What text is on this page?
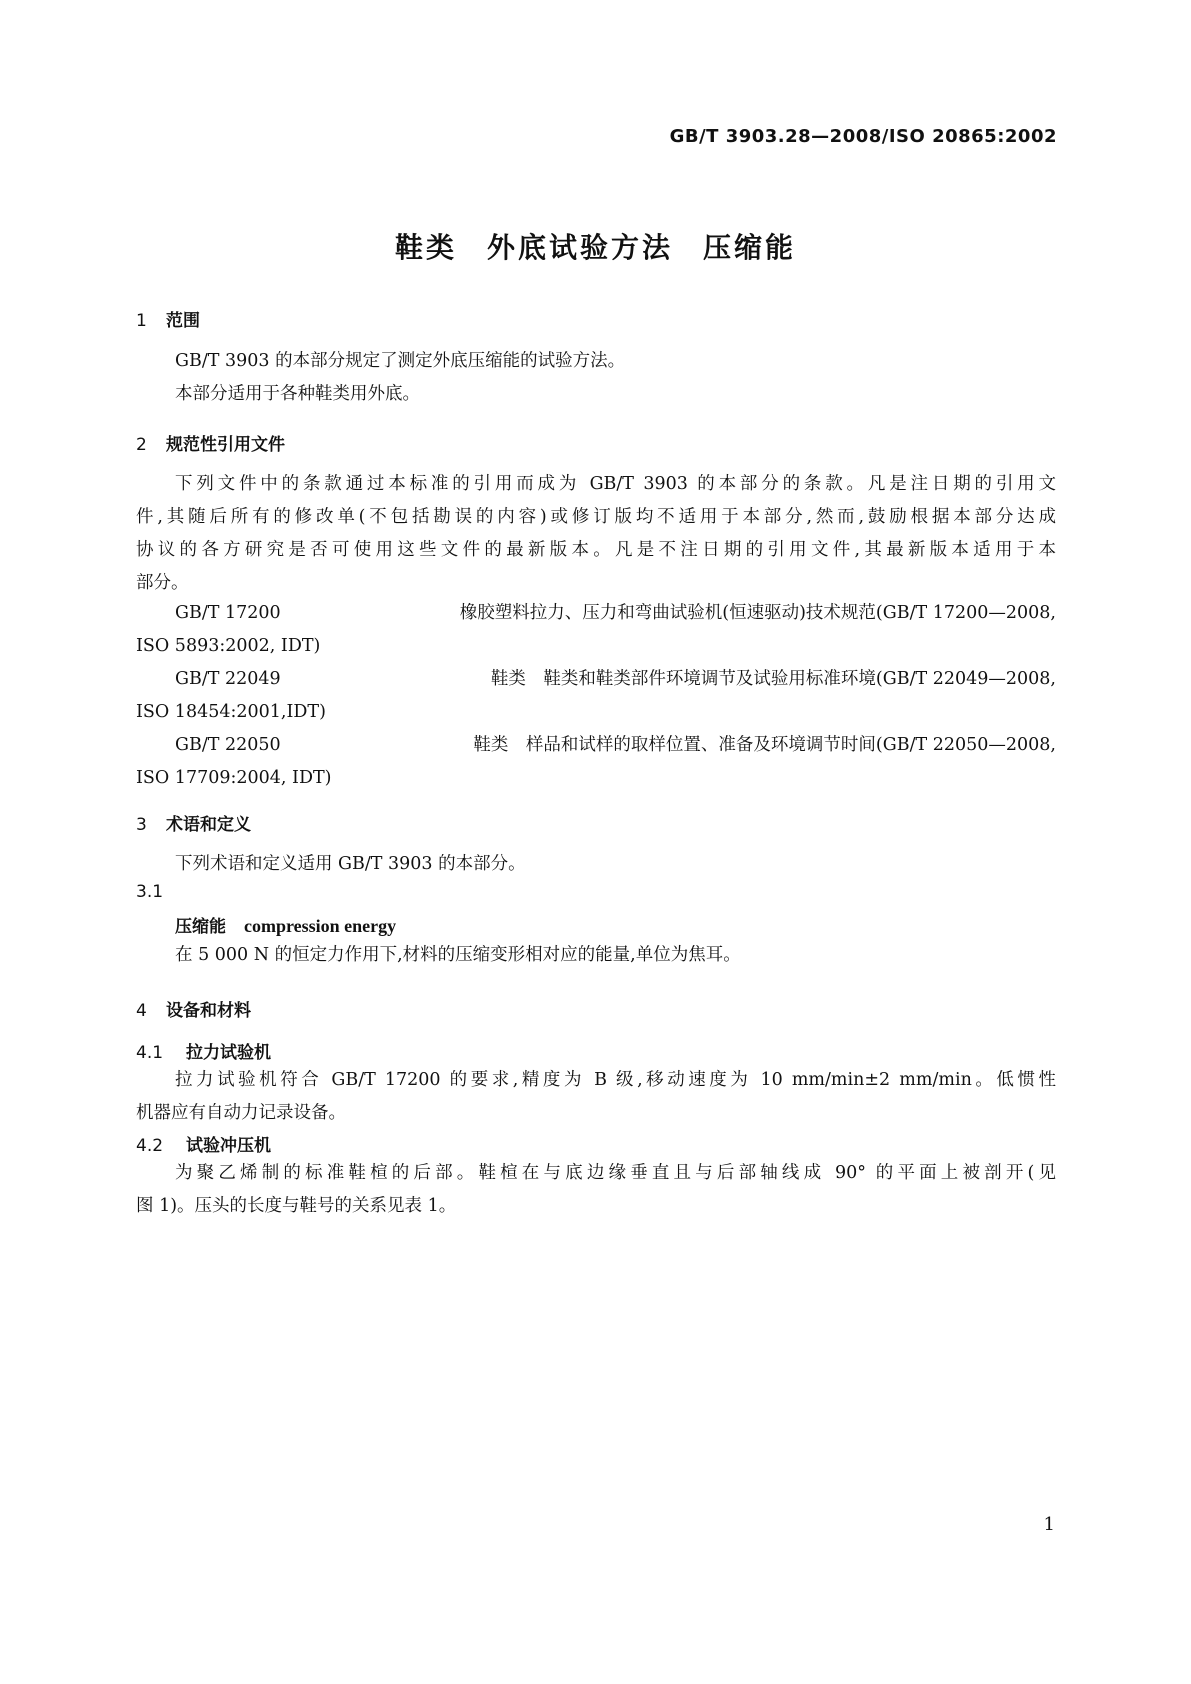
GB/T 3903.28—2008/ISO 20865:2002
鞋类 外底试验方法 压缩能
1 范围
GB/T 3903 的本部分规定了测定外底压缩能的试验方法。
本部分适用于各种鞋类用外底。
2 规范性引用文件
下列文件中的条款通过本标准的引用而成为 GB/T 3903 的本部分的条款。凡是注日期的引用文
件,其随后所有的修改单(不包括勘误的内容)或修订版均不适用于本部分,然而,鼓励根据本部分达成
协议的各方研究是否可使用这些文件的最新版本。凡是不注日期的引用文件,其最新版本适用于本
部分。
GB/T 17200	橡胶塑料拉力、压力和弯曲试验机(恒速驱动)技术规范(GB/T 17200—2008,
ISO 5893:2002, IDT)
GB/T 22049	鞋类　鞋类和鞋类部件环境调节及试验用标准环境(GB/T 22049—2008,
ISO 18454:2001,IDT)
GB/T 22050	鞋类　样品和试样的取样位置、准备及环境调节时间(GB/T 22050—2008,
ISO 17709:2004, IDT)
3 术语和定义
下列术语和定义适用 GB/T 3903 的本部分。
3.1
压缩能 compression energy
在 5 000 N 的恒定力作用下,材料的压缩变形相对应的能量,单位为焦耳。
4 设备和材料
4.1 拉力试验机
拉力试验机符合 GB/T 17200 的要求,精度为 B 级,移动速度为 10 mm/min±2 mm/min。低惯性
机器应有自动力记录设备。
4.2 试验冲压机
为聚乙烯制的标准鞋楦的后部。鞋楦在与底边缘垂直且与后部轴线成 90° 的平面上被剖开(见
图 1)。压头的长度与鞋号的关系见表 1。
1
